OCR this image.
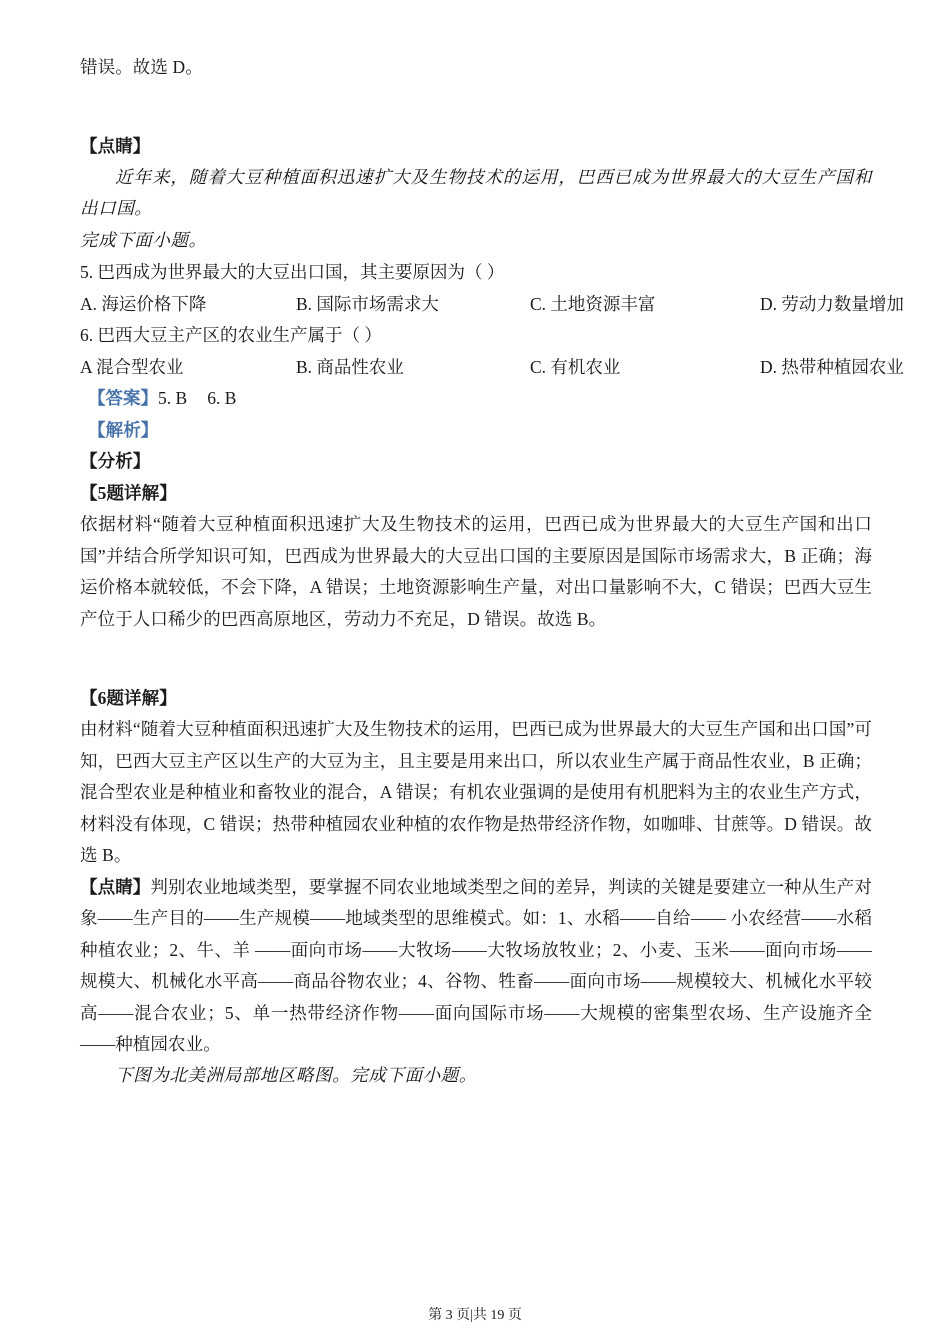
错误。故选 D。

【点睛】

近年来，随着大豆种植面积迅速扩大及生物技术的运用，巴西已成为世界最大的大豆生产国和出口国。

完成下面小题。

5. 巴西成为世界最大的大豆出口国，其主要原因为（ ）

A. 海运价格下降	B. 国际市场需求大	C. 土地资源丰富	D. 劳动力数量增加

6. 巴西大豆主产区的农业生产属于（ ）

A 混合型农业	B. 商品性农业	C. 有机农业	D. 热带种植园农业

【答案】5. B 6. B

【解析】

【分析】

【5题详解】

依据材料“随着大豆种植面积迅速扩大及生物技术的运用，巴西已成为世界最大的大豆生产国和出口国”并结合所学知识可知，巴西成为世界最大的大豆出口国的主要原因是国际市场需求大，B 正确；海运价格本就较低，不会下降，A 错误；土地资源影响生产量，对出口量影响不大，C 错误；巴西大豆生产位于人口稀少的巴西高原地区，劳动力不充足，D 错误。故选 B。

【6题详解】

由材料“随着大豆种植面积迅速扩大及生物技术的运用，巴西已成为世界最大的大豆生产国和出口国”可知，巴西大豆主产区以生产的大豆为主，且主要是用来出口，所以农业生产属于商品性农业，B 正确；混合型农业是种植业和畜牧业的混合，A 错误；有机农业强调的是使用有机肥料为主的农业生产方式，材料没有体现，C 错误；热带种植园农业种植的农作物是热带经济作物，如咖啡、甘蔗等。D 错误。故选 B。

【点睛】判别农业地域类型，要掌握不同农业地域类型之间的差异，判读的关键是要建立一种从生产对象——生产目的——生产规模——地域类型的思维模式。如：1、水稻——自给—— 小农经营——水稻种植农业；2、牛、羊 ——面向市场——大牧场——大牧场放牧业；2、小麦、玉米——面向市场——规模大、机械化水平高——商品谷物农业；4、谷物、牲畜——面向市场——规模较大、机械化水平较高——混合农业；5、单一热带经济作物——面向国际市场——大规模的密集型农场、生产设施齐全——种植园农业。

下图为北美洲局部地区略图。完成下面小题。

第 3 页|共 19 页
